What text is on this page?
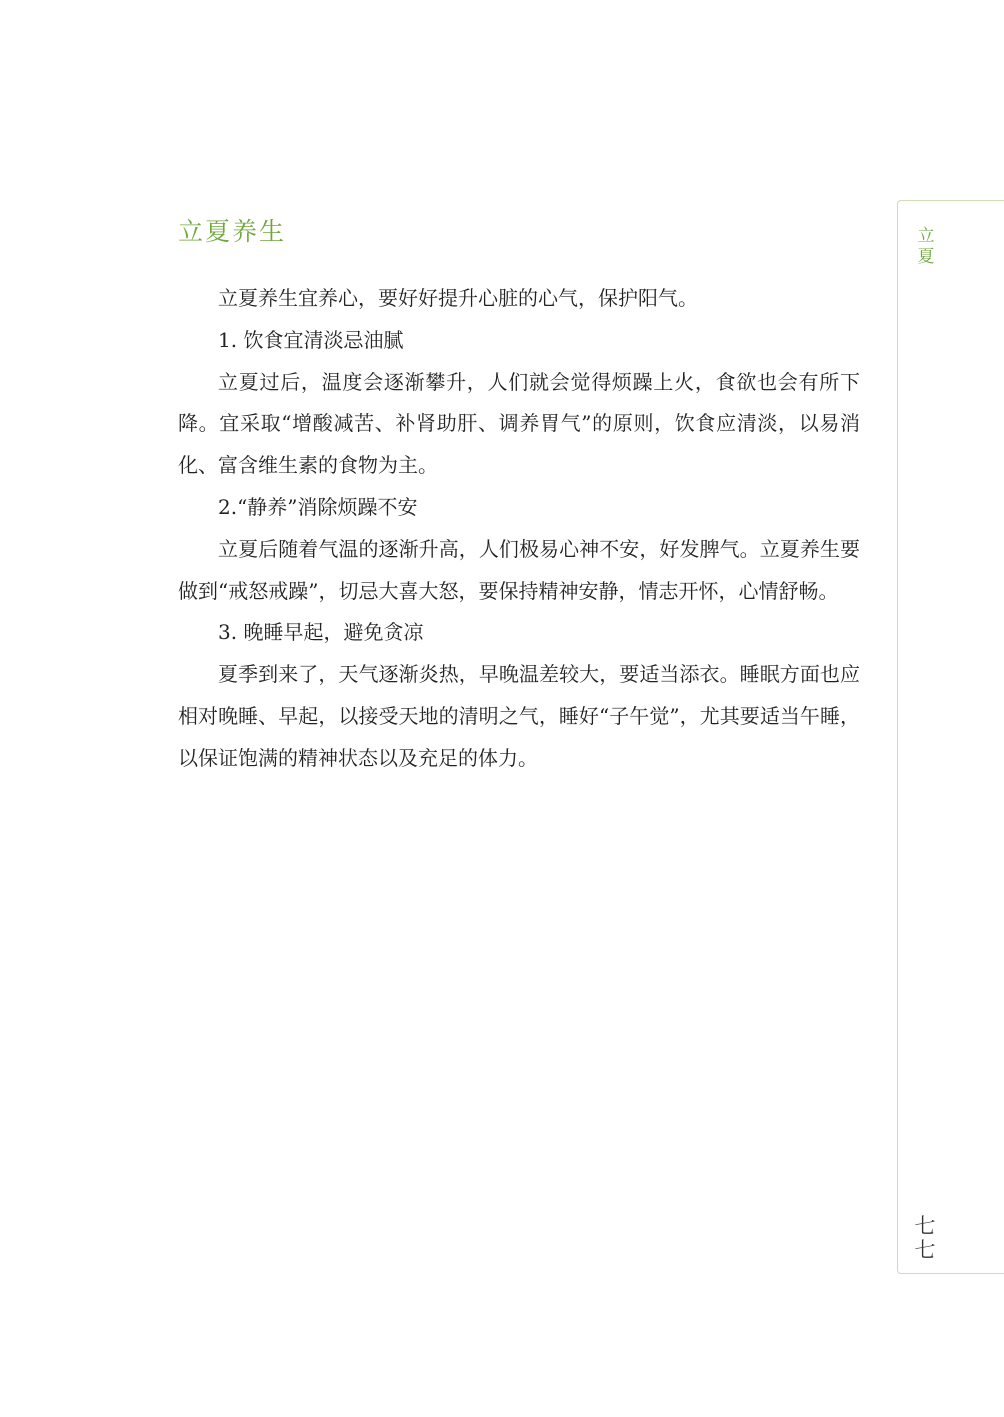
立夏养生

立夏养生宜养心，要好好提升心脏的心气，保护阳气。

1. 饮食宜清淡忌油腻

立夏过后，温度会逐渐攀升，人们就会觉得烦躁上火，食欲也会有所下降。宜采取“增酸减苦、补肾助肝、调养胃气”的原则，饮食应清淡，以易消化、富含维生素的食物为主。

2.“静养”消除烦躁不安

立夏后随着气温的逐渐升高，人们极易心神不安，好发脾气。立夏养生要做到“戒怒戒躁”，切忌大喜大怒，要保持精神安静，情志开怀，心情舒畅。

3. 晚睡早起，避免贪凉

夏季到来了，天气逐渐炎热，早晚温差较大，要适当添衣。睡眠方面也应相对晚睡、早起，以接受天地的清明之气，睡好“子午觉”，尤其要适当午睡，以保证饱满的精神状态以及充足的体力。

立夏
七七
